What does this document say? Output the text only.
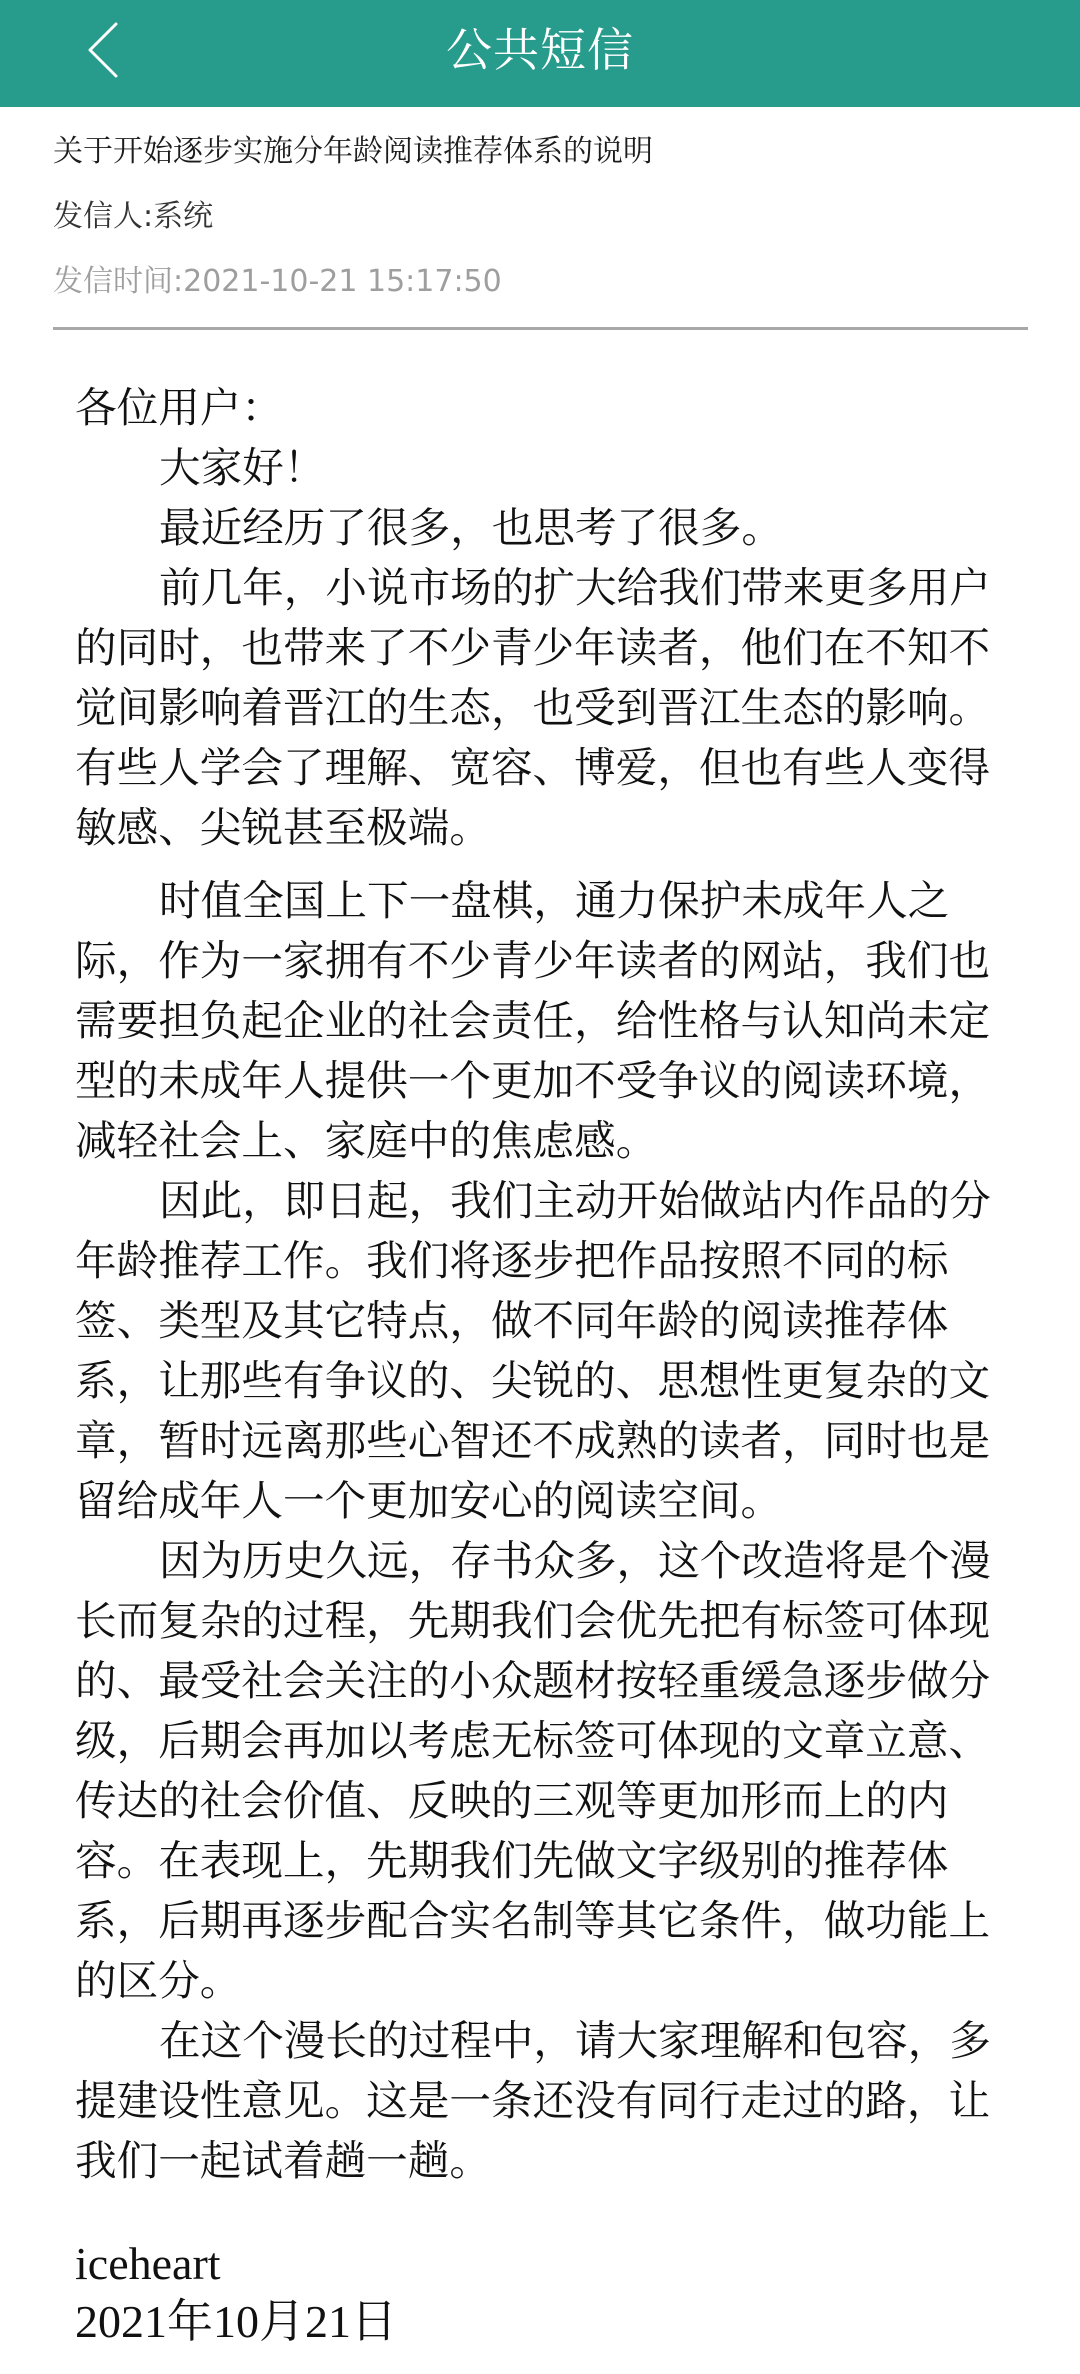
公共短信
关于开始逐步实施分年龄阅读推荐体系的说明
发信人:系统
发信时间:2021-10-21 15:17:50
各位用户：
大家好！
最近经历了很多，也思考了很多。
前几年，小说市场的扩大给我们带来更多用户
的同时，也带来了不少青少年读者，他们在不知不
觉间影响着晋江的生态，也受到晋江生态的影响。
有些人学会了理解、宽容、博爱，但也有些人变得
敏感、尖锐甚至极端。
时值全国上下一盘棋，通力保护未成年人之
际，作为一家拥有不少青少年读者的网站，我们也
需要担负起企业的社会责任，给性格与认知尚未定
型的未成年人提供一个更加不受争议的阅读环境，
减轻社会上、家庭中的焦虑感。
因此，即日起，我们主动开始做站内作品的分
年龄推荐工作。我们将逐步把作品按照不同的标
签、类型及其它特点，做不同年龄的阅读推荐体
系，让那些有争议的、尖锐的、思想性更复杂的文
章，暂时远离那些心智还不成熟的读者，同时也是
留给成年人一个更加安心的阅读空间。
因为历史久远，存书众多，这个改造将是个漫
长而复杂的过程，先期我们会优先把有标签可体现
的、最受社会关注的小众题材按轻重缓急逐步做分
级，后期会再加以考虑无标签可体现的文章立意、
传达的社会价值、反映的三观等更加形而上的内
容。在表现上，先期我们先做文字级别的推荐体
系，后期再逐步配合实名制等其它条件，做功能上
的区分。
在这个漫长的过程中，请大家理解和包容，多
提建设性意见。这是一条还没有同行走过的路，让
我们一起试着趟一趟。
iceheart
2021年10月21日
